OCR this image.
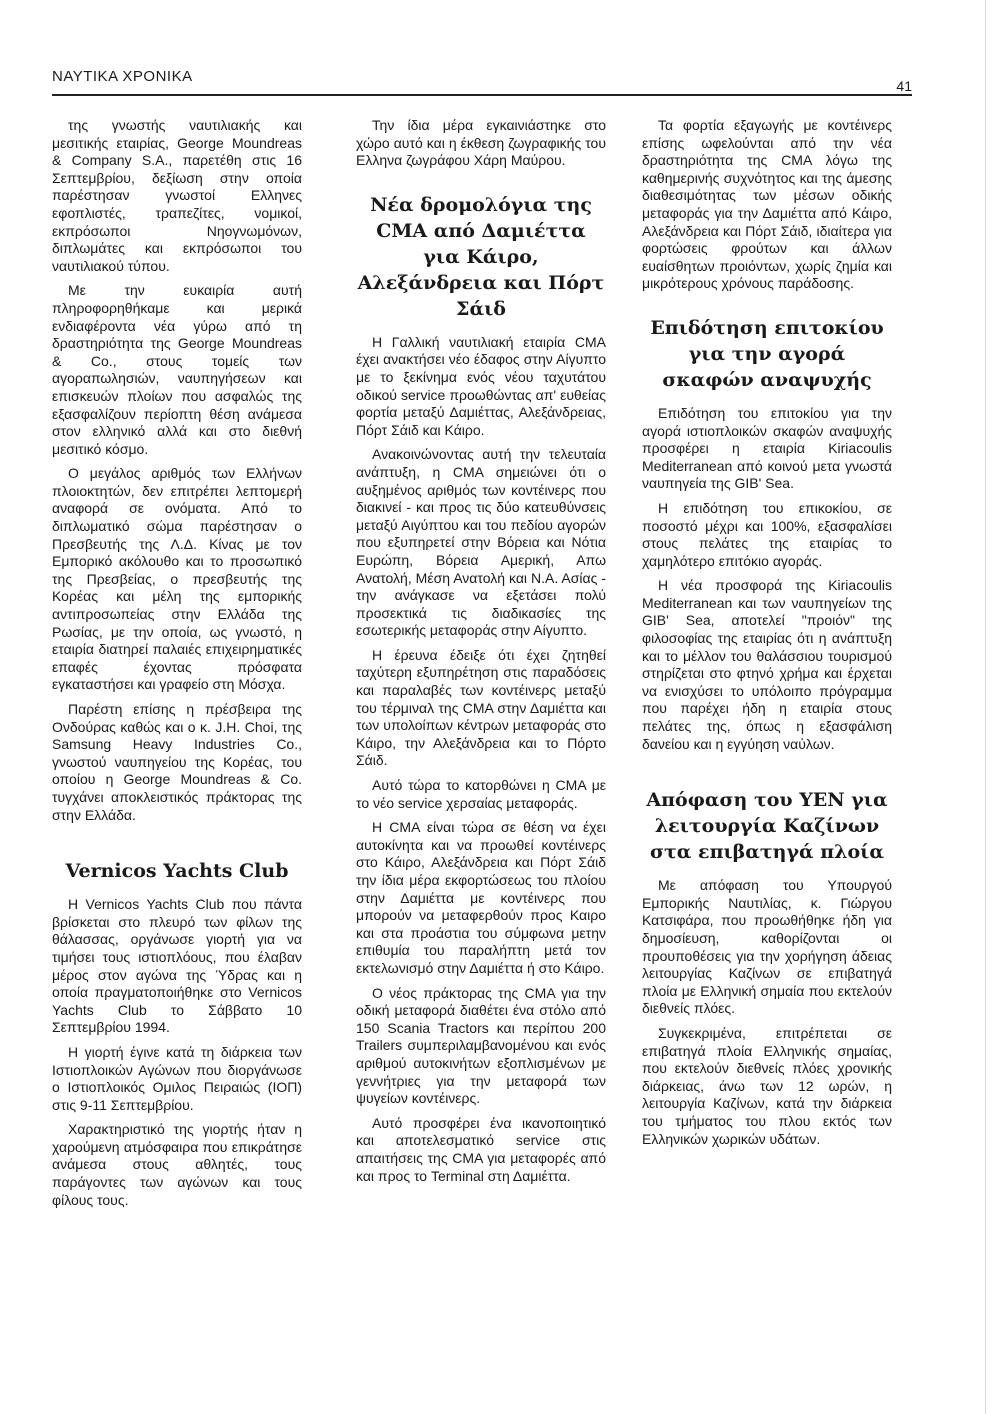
ΝΑΥΤΙΚΑ ΧΡΟΝΙΚΑ
41

της γνωστής ναυτιλιακής και μεσιτικής εταιρίας, George Moundreas & Company S.A., παρετέθη στις 16 Σεπτεμβρίου, δεξίωση στην οποία παρέστησαν γνωστοί Ελληνες εφοπλιστές, τραπεζίτες, νομικοί, εκπρόσωποι Νηογνωμόνων, διπλωμάτες και εκπρόσωποι του ναυτιλιακού τύπου.

Με την ευκαιρία αυτή πληροφορηθήκαμε και μερικά ενδιαφέροντα νέα γύρω από τη δραστηριότητα της George Moundreas & Co., στους τομείς των αγοραπωλησιών, ναυπηγήσεων και επισκευών πλοίων που ασφαλώς της εξασφαλίζουν περίοπτη θέση ανάμεσα στον ελληνικό αλλά και στο διεθνή μεσιτικό κόσμο.

Ο μεγάλος αριθμός των Ελλήνων πλοιοκτητών, δεν επιτρέπει λεπτομερή αναφορά σε ονόματα. Από το διπλωματικό σώμα παρέστησαν ο Πρεσβευτής της Λ.Δ. Κίνας με τον Εμπορικό ακόλουθο και το προσωπικό της Πρεσβείας, ο πρεσβευτής της Κορέας και μέλη της εμπορικής αντιπροσωπείας στην Ελλάδα της Ρωσίας, με την οποία, ως γνωστό, η εταιρία διατηρεί παλαιές επιχειρηματικές επαφές έχοντας πρόσφατα εγκαταστήσει και γραφείο στη Μόσχα.

Παρέστη επίσης η πρέσβειρα της Ονδούρας καθώς και ο κ. J.H. Choi, της Samsung Heavy Industries Co., γνωστού ναυπηγείου της Κορέας, του οποίου η George Moundreas & Co. τυγχάνει αποκλειστικός πράκτορας της στην Ελλάδα.

Vernicos Yachts Club

Η Vernicos Yachts Club που πάντα βρίσκεται στο πλευρό των φίλων της θάλασσας, οργάνωσε γιορτή για να τιμήσει τους ιστιοπλόους, που έλαβαν μέρος στον αγώνα της Ύδρας και η οποία πραγματοποιήθηκε στο Vernicos Yachts Club το Σάββατο 10 Σεπτεμβρίου 1994.

Η γιορτή έγινε κατά τη διάρκεια των Ιστιοπλοικών Αγώνων που διοργάνωσε ο Ιστιοπλοικός Ομιλος Πειραιώς (ΙΟΠ) στις 9-11 Σεπτεμβρίου.

Χαρακτηριστικό της γιορτής ήταν η χαρούμενη ατμόσφαιρα που επικράτησε ανάμεσα στους αθλητές, τους παράγοντες των αγώνων και τους φίλους τους.

Την ίδια μέρα εγκαινιάστηκε στο χώρο αυτό και η έκθεση ζωγραφικής του Ελληνα ζωγράφου Χάρη Μαύρου.

Νέα δρομολόγια της CMA από Δαμιέττα για Κάιρο, Αλεξάνδρεια και Πόρτ Σάιδ

Η Γαλλική ναυτιλιακή εταιρία CMA έχει ανακτήσει νέο έδαφος στην Αίγυπτο με το ξεκίνημα ενός νέου ταχυτάτου οδικού service προωθώντας απ' ευθείας φορτία μεταξύ Δαμιέττας, Αλεξάνδρειας, Πόρτ Σάιδ και Κάιρο.

Ανακοινώνοντας αυτή την τελευταία ανάπτυξη, η CMA σημειώνει ότι ο αυξημένος αριθμός των κοντέινερς που διακινεί - και προς τις δύο κατευθύνσεις μεταξύ Αιγύπτου και του πεδίου αγορών που εξυπηρετεί στην Βόρεια και Νότια Ευρώπη, Βόρεια Αμερική, Απω Ανατολή, Μέση Ανατολή και Ν.Α. Ασίας - την ανάγκασε να εξετάσει πολύ προσεκτικά τις διαδικασίες της εσωτερικής μεταφοράς στην Αίγυπτο.

Η έρευνα έδειξε ότι έχει ζητηθεί ταχύτερη εξυπηρέτηση στις παραδόσεις και παραλαβές των κοντέινερς μεταξύ του τέρμιναλ της CMA στην Δαμιέττα και των υπολοίπων κέντρων μεταφοράς στο Κάιρο, την Αλεξάνδρεια και το Πόρτο Σάιδ.

Αυτό τώρα το κατορθώνει η CMA με το νέο service χερσαίας μεταφοράς.

Η CMA είναι τώρα σε θέση να έχει αυτοκίνητα και να προωθεί κοντέινερς στο Κάιρο, Αλεξάνδρεια και Πόρτ Σάιδ την ίδια μέρα εκφορτώσεως του πλοίου στην Δαμιέττα με κοντέινερς που μπορούν να μεταφερθούν προς Καιρο και στα προάστια του σύμφωνα μετην επιθυμία του παραλήπτη μετά τον εκτελωνισμό στην Δαμιέττα ή στο Κάιρο.

Ο νέος πράκτορας της CMA για την οδική μεταφορά διαθέτει ένα στόλο από 150 Scania Tractors και περίπου 200 Trailers συμπεριλαμβανομένου και ενός αριθμού αυτοκινήτων εξοπλισμένων με γεννήτριες για την μεταφορά των ψυγείων κοντέινερς.

Αυτό προσφέρει ένα ικανοποιητικό και αποτελεσματικό service στις απαιτήσεις της CMA για μεταφορές από και προς το Terminal στη Δαμιέττα.

Τα φορτία εξαγωγής με κοντέινερς επίσης ωφελούνται από την νέα δραστηριότητα της CMA λόγω της καθημερινής συχνότητος και της άμεσης διαθεσιμότητας των μέσων οδικής μεταφοράς για την Δαμιέττα από Κάιρο, Αλεξάνδρεια και Πόρτ Σάιδ, ιδιαίτερα για φορτώσεις φρούτων και άλλων ευαίσθητων προιόντων, χωρίς ζημία και μικρότερους χρόνους παράδοσης.

Επιδότηση επιτοκίου για την αγορά σκαφών αναψυχής

Επιδότηση του επιτοκίου για την αγορά ιστιοπλοικών σκαφών αναψυχής προσφέρει η εταιρία Kiriacoulis Mediterranean από κοινού μετα γνωστά ναυπηγεία της GIB' Sea.

Η επιδότηση του επικοκίου, σε ποσοστό μέχρι και 100%, εξασφαλίσει στους πελάτες της εταιρίας το χαμηλότερο επιτόκιο αγοράς.

Η νέα προσφορά της Kiriacoulis Mediterranean και των ναυπηγείων της GIB' Sea, αποτελεί "προιόν" της φιλοσοφίας της εταιρίας ότι η ανάπτυξη και το μέλλον του θαλάσσιου τουρισμού στηρίζεται στο φτηνό χρήμα και έρχεται να ενισχύσει το υπόλοιπο πρόγραμμα που παρέχει ήδη η εταιρία στους πελάτες της, όπως η εξασφάλιση δανείου και η εγγύηση ναύλων.

Απόφαση του ΥΕΝ για λειτουργία Καζίνων στα επιβατηγά πλοία

Με απόφαση του Υπουργού Εμπορικής Ναυτιλίας, κ. Γιώργου Κατσιφάρα, που προωθήθηκε ήδη για δημοσίευση, καθορίζονται οι προυποθέσεις για την χορήγηση άδειας λειτουργίας Καζίνων σε επιβατηγά πλοία με Ελληνική σημαία που εκτελούν διεθνείς πλόες.

Συγκεκριμένα, επιτρέπεται σε επιβατηγά πλοία Ελληνικής σημαίας, που εκτελούν διεθνείς πλόες χρονικής διάρκειας, άνω των 12 ωρών, η λειτουργία Καζίνων, κατά την διάρκεια του τμήματος του πλου εκτός των Ελληνικών χωρικών υδάτων.
